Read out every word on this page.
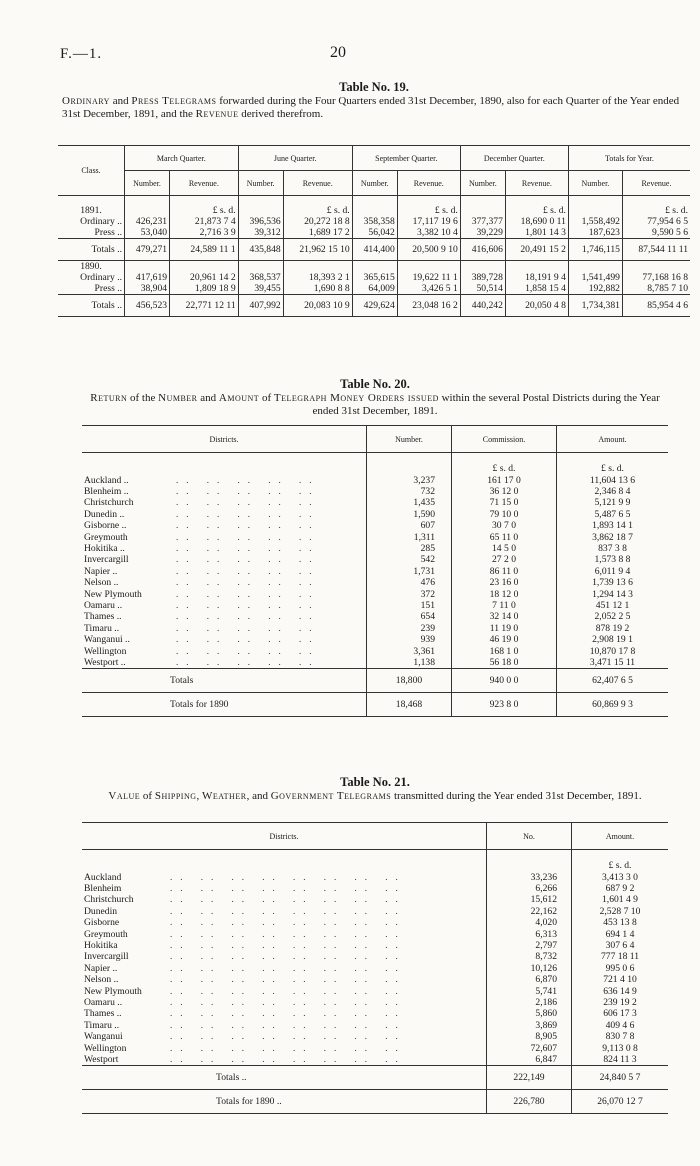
F.—1.	20
Table No. 19.
Ordinary and Press Telegrams forwarded during the Four Quarters ended 31st December, 1890, also for each Quarter of the Year ended 31st December, 1891, and the Revenue derived therefrom.
Class.	March Quarter.		June Quarter.		September Quarter.		December Quarter.		Totals for Year.	
	Number.	Revenue.	Number.	Revenue.	Number.	Revenue.	Number.	Revenue.	Number.	Revenue.
1891.		£ s. d.		£ s. d.		£ s. d.		£ s. d.		£ s. d.
Ordinary ..	426,231	21,873 7 4	396,536	20,272 18 8	358,358	17,117 19 6	377,377	18,690 0 11	1,558,492	77,954 6 5
Press ..	53,040	2,716 3 9	39,312	1,689 17 2	56,042	3,382 10 4	39,229	1,801 14 3	187,623	9,590 5 6
Totals ..	479,271	24,589 11 1	435,848	21,962 15 10	414,400	20,500 9 10	416,606	20,491 15 2	1,746,115	87,544 11 11
1890.										
Ordinary ..	417,619	20,961 14 2	368,537	18,393 2 1	365,615	19,622 11 1	389,728	18,191 9 4	1,541,499	77,168 16 8
Press ..	38,904	1,809 18 9	39,455	1,690 8 8	64,009	3,426 5 1	50,514	1,858 15 4	192,882	8,785 7 10
Totals ..	456,523	22,771 12 11	407,992	20,083 10 9	429,624	23,048 16 2	440,242	20,050 4 8	1,734,381	85,954 4 6
Table No. 20.
Return of the Number and Amount of Telegraph Money Orders issued within the several Postal Districts during the Year ended 31st December, 1891.
Districts.	Number.	Commission.	Amount.
		£ s. d.	£ s. d.
Auckland .. .. .. .. .. ..	3,237	161 17 0	11,604 13 6
Blenheim .. .. .. .. .. ..	732	36 12 0	2,346 8 4
Christchurch .. .. .. .. ..	1,435	71 15 0	5,121 9 9
Dunedin .. .. .. .. .. ..	1,590	79 10 0	5,487 6 5
Gisborne .. .. .. .. .. ..	607	30 7 0	1,893 14 1
Greymouth .. .. .. .. ..	1,311	65 11 0	3,862 18 7
Hokitika .. .. .. .. .. ..	285	14 5 0	837 3 8
Invercargill .. .. .. .. ..	542	27 2 0	1,573 8 8
Napier .. .. .. .. .. ..	1,731	86 11 0	6,011 9 4
Nelson .. .. .. .. .. ..	476	23 16 0	1,739 13 6
New Plymouth .. .. .. .. ..	372	18 12 0	1,294 14 3
Oamaru .. .. .. .. .. ..	151	7 11 0	451 12 1
Thames .. .. .. .. .. ..	654	32 14 0	2,052 2 5
Timaru .. .. .. .. .. ..	239	11 19 0	878 19 2
Wanganui .. .. .. .. .. ..	939	46 19 0	2,908 19 1
Wellington .. .. .. .. ..	3,361	168 1 0	10,870 17 8
Westport .. .. .. .. .. ..	1,138	56 18 0	3,471 15 11
Totals	18,800	940 0 0	62,407 6 5
Totals for 1890	18,468	923 8 0	60,869 9 3
Table No. 21.
Value of Shipping, Weather, and Government Telegrams transmitted during the Year ended 31st December, 1891.
Districts.	No.	Amount.
		£ s. d.
Auckland .. .. .. .. .. .. .. ..	33,236	3,413 3 0
Blenheim .. .. .. .. .. .. .. ..	6,266	687 9 2
Christchurch .. .. .. .. .. .. .. ..	15,612	1,601 4 9
Dunedin .. .. .. .. .. .. .. ..	22,162	2,528 7 10
Gisborne .. .. .. .. .. .. .. ..	4,020	453 13 8
Greymouth .. .. .. .. .. .. .. ..	6,313	694 1 4
Hokitika .. .. .. .. .. .. .. ..	2,797	307 6 4
Invercargill .. .. .. .. .. .. .. ..	8,732	777 18 11
Napier .. .. .. .. .. .. .. .. ..	10,126	995 0 6
Nelson .. .. .. .. .. .. .. .. ..	6,870	721 4 10
New Plymouth .. .. .. .. .. .. .. ..	5,741	636 14 9
Oamaru .. .. .. .. .. .. .. .. ..	2,186	239 19 2
Thames .. .. .. .. .. .. .. .. ..	5,860	606 17 3
Timaru .. .. .. .. .. .. .. .. ..	3,869	409 4 6
Wanganui .. .. .. .. .. .. .. ..	8,905	830 7 8
Wellington .. .. .. .. .. .. .. ..	72,607	9,113 0 8
Westport .. .. .. .. .. .. .. ..	6,847	824 11 3
Totals ..	222,149	24,840 5 7
Totals for 1890 ..	226,780	26,070 12 7
